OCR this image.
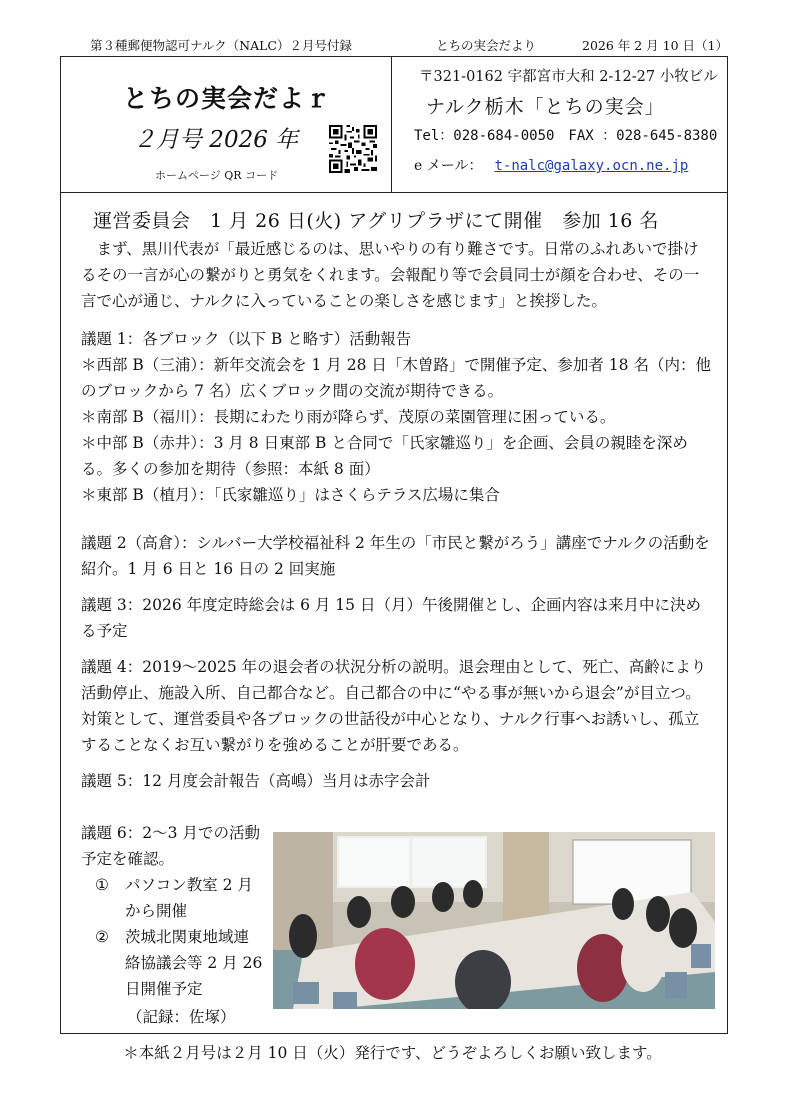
第３種郵便物認可ナルク（NALC）２月号付録	とちの実会だより	2026 年 2 月 10 日（1）
とちの実会だよｒ
２月号 2026 年
ホームページ QR コード
〒321-0162 宇都宮市大和 2-12-27 小牧ビル
ナルク栃木「とちの実会」
Tel：028-684-0050　FAX ：028-645-8380
e メール： t-nalc@galaxy.ocn.ne.jp
運営委員会　1 月 26 日(火) アグリプラザにて開催　参加 16 名
　まず、黒川代表が「最近感じるのは、思いやりの有り難さです。日常のふれあいで掛けるその一言が心の繋がりと勇気をくれます。会報配り等で会員同士が顔を合わせ、その一言で心が通じ、ナルクに入っていることの楽しさを感じます」と挨拶した。
議題 1：各ブロック（以下 B と略す）活動報告
＊西部 B（三浦）：新年交流会を 1 月 28 日「木曽路」で開催予定、参加者 18 名（内：他のブロックから 7 名）広くブロック間の交流が期待できる。
＊南部 B（福川）：長期にわたり雨が降らず、茂原の菜園管理に困っている。
＊中部 B（赤井）：3 月 8 日東部 B と合同で「氏家雛巡り」を企画、会員の親睦を深める。多くの参加を期待（参照：本紙 8 面）
＊東部 B（植月）：「氏家雛巡り」はさくらテラス広場に集合
議題 2（高倉）：シルバー大学校福祉科 2 年生の「市民と繋がろう」講座でナルクの活動を紹介。1 月 6 日と 16 日の 2 回実施
議題 3：2026 年度定時総会は 6 月 15 日（月）午後開催とし、企画内容は来月中に決める予定
議題 4：2019～2025 年の退会者の状況分析の説明。退会理由として、死亡、高齢により活動停止、施設入所、自己都合など。自己都合の中に“やる事が無いから退会”が目立つ。対策として、運営委員や各ブロックの世話役が中心となり、ナルク行事へお誘いし、孤立することなくお互い繋がりを強めることが肝要である。
議題 5：12 月度会計報告（高嶋）当月は赤字会計
議題 6：2～3 月での活動
予定を確認。
①	パソコン教室 2 月
から開催
②	茨城北関東地域連
絡協議会等 2 月 26
日開催予定
（記録：佐塚）
＊本紙２月号は２月 10 日（火）発行です、どうぞよろしくお願い致します。
